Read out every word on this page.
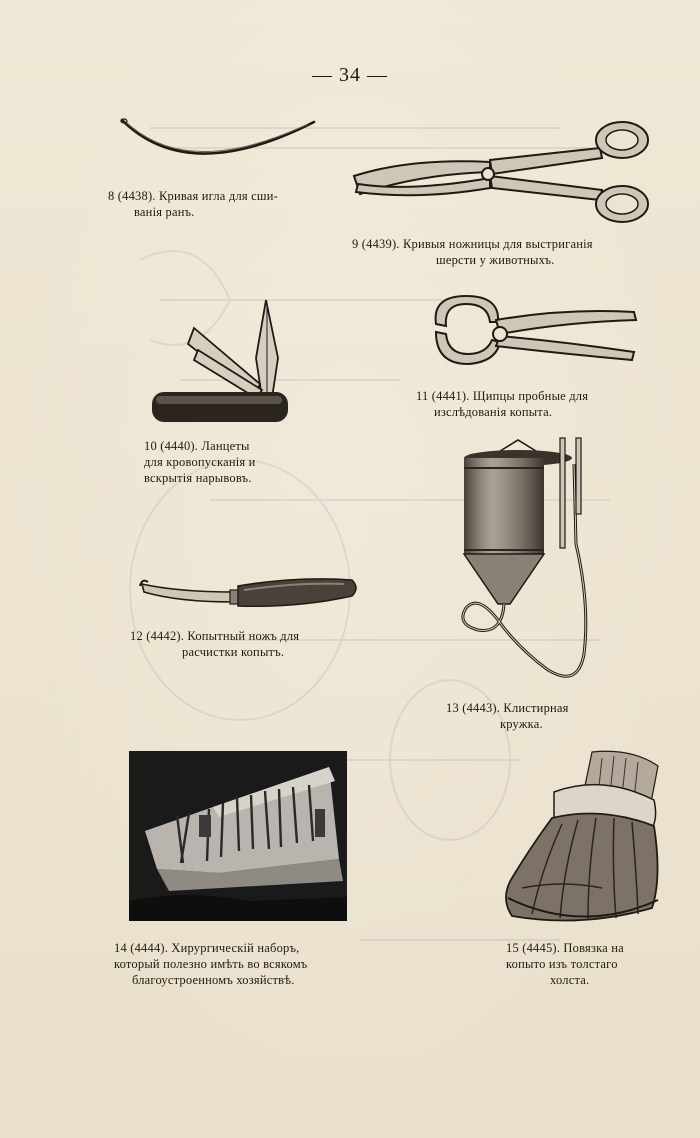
— 34 —
8 (4438). Кривая игла для сши-
ванія ранъ.
9 (4439). Кривыя ножницы для выстриганія
шерсти у животныхъ.
10 (4440). Ланцеты
для кровопусканія и
вскрытія нарывовъ.
11 (4441). Щипцы пробные для
изслѣдованія копыта.
12 (4442). Копытный ножъ для
расчистки копытъ.
13 (4443). Клистирная
кружка.
14 (4444). Хирургическій наборъ,
который полезно имѣть во всякомъ
благоустроенномъ хозяйствѣ.
15 (4445). Повязка на
копыто изъ толстаго
холста.
